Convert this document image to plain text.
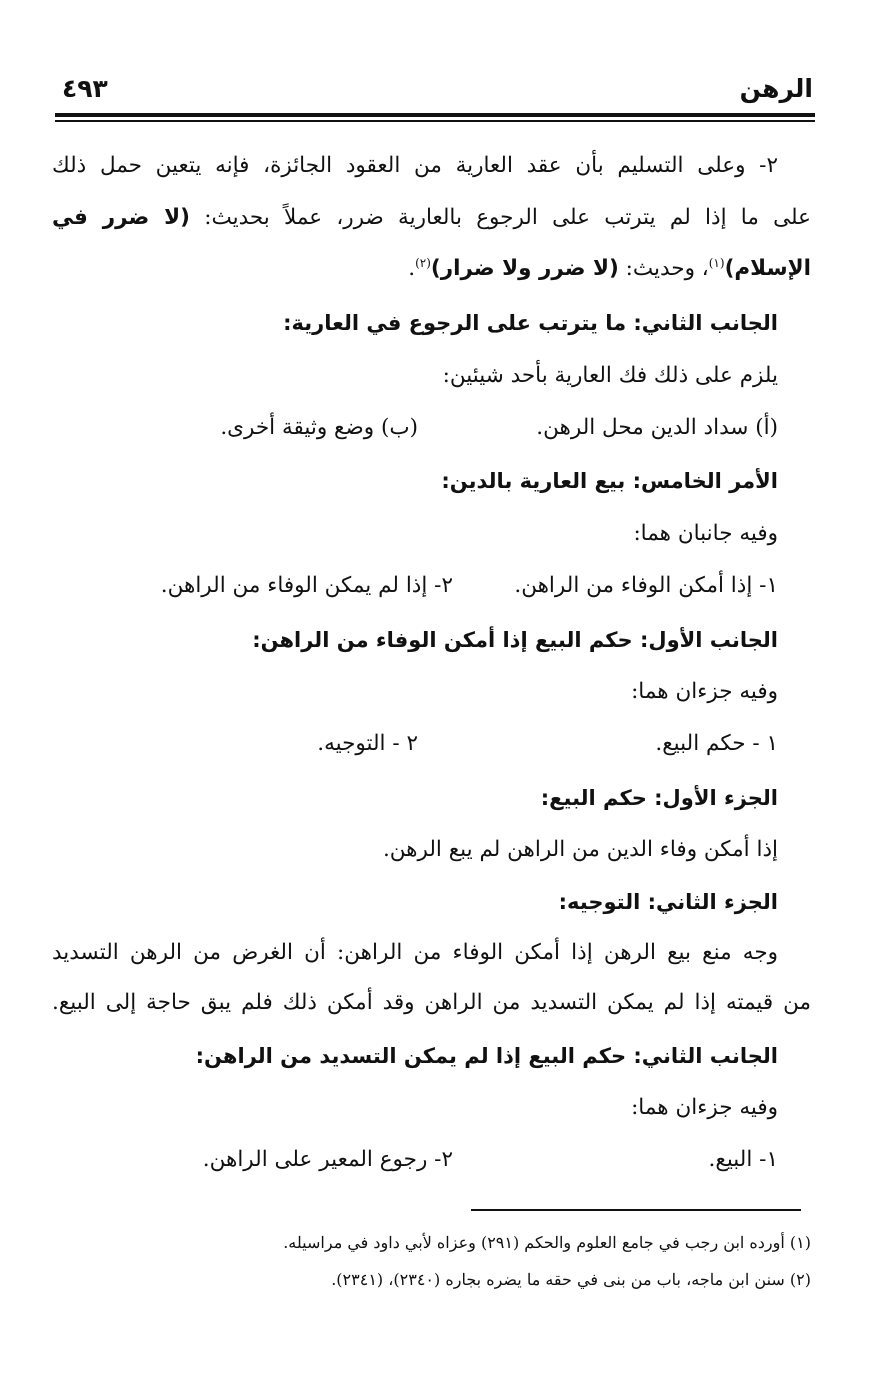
الرهن
٤٩٣
٢- وعلى التسليم بأن عقد العارية من العقود الجائزة، فإنه يتعين حمل ذلك
على ما إذا لم يترتب على الرجوع بالعارية ضرر، عملاً بحديث: (لا ضرر في
الإسلام)$^{(١)}$، وحديث: (لا ضرر ولا ضرار)$^{(٢)}$.
الجانب الثاني: ما يترتب على الرجوع في العارية:
يلزم على ذلك فك العارية بأحد شيئين:
(أ) سداد الدين محل الرهن.
(ب) وضع وثيقة أخرى.
الأمر الخامس: بيع العارية بالدين:
وفيه جانبان هما:
١- إذا أمكن الوفاء من الراهن.
٢- إذا لم يمكن الوفاء من الراهن.
الجانب الأول: حكم البيع إذا أمكن الوفاء من الراهن:
وفيه جزءان هما:
١ - حكم البيع.
٢ - التوجيه.
الجزء الأول: حكم البيع:
إذا أمكن وفاء الدين من الراهن لم يبع الرهن.
الجزء الثاني: التوجيه:
وجه منع بيع الرهن إذا أمكن الوفاء من الراهن: أن الغرض من الرهن التسديد
من قيمته إذا لم يمكن التسديد من الراهن وقد أمكن ذلك فلم يبق حاجة إلى البيع.
الجانب الثاني: حكم البيع إذا لم يمكن التسديد من الراهن:
وفيه جزءان هما:
١- البيع.
٢- رجوع المعير على الراهن.
(١) أورده ابن رجب في جامع العلوم والحكم (٢٩١) وعزاه لأبي داود في مراسيله.
(٢) سنن ابن ماجه، باب من بنى في حقه ما يضره بجاره (٢٣٤٠)، (٢٣٤١).
